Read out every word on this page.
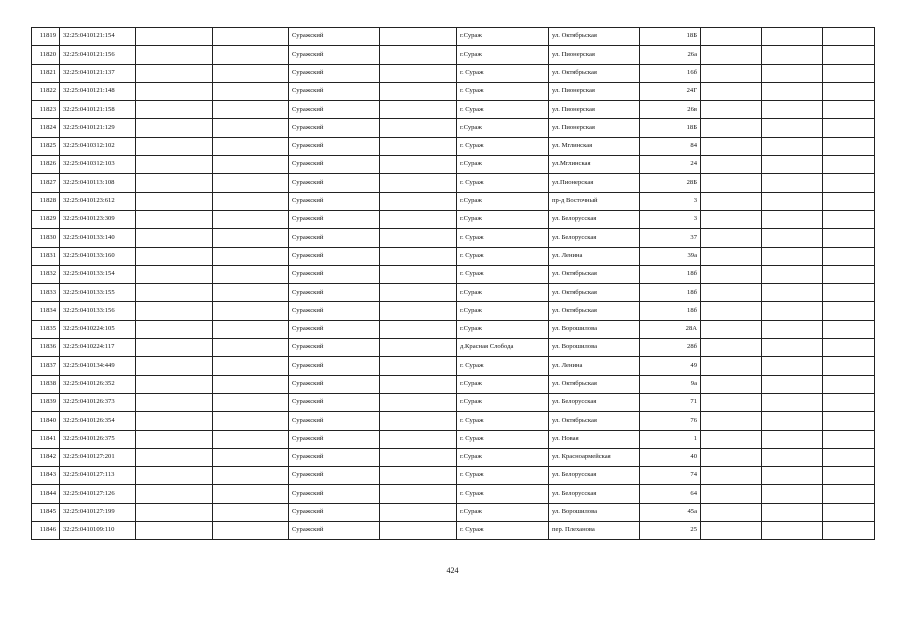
11819	32:25:0410121:154			Суражский		г.Сураж	ул. Октябрьская	18Б			
11820	32:25:0410121:156			Суражский		г.Сураж	ул. Пионерская	26а			
11821	32:25:0410121:137			Суражский		г. Сураж	ул. Октябрьская	16б			
11822	32:25:0410121:148			Суражский		г. Сураж	ул. Пионерская	24Г			
11823	32:25:0410121:158			Суражский		г. Сураж	ул. Пионерская	26в			
11824	32:25:0410121:129			Суражский		г.Сураж	ул. Пионерская	18Б			
11825	32:25:0410312:102			Суражский		г. Сураж	ул. Мглинская	84			
11826	32:25:0410312:103			Суражский		г.Сураж	ул.Мглинская	24			
11827	32:25:0410113:108			Суражский		г. Сураж	ул.Пионерская	28Б			
11828	32:25:0410123:612			Суражский		г.Сураж	пр-д Восточный	3			
11829	32:25:0410123:309			Суражский		г.Сураж	ул. Белорусская	3			
11830	32:25:0410133:140			Суражский		г. Сураж	ул. Белорусская	37			
11831	32:25:0410133:160			Суражский		г. Сураж	ул. Ленина	39а			
11832	32:25:0410133:154			Суражский		г. Сураж	ул. Октябрьская	18б			
11833	32:25:0410133:155			Суражский		г.Сураж	ул. Октябрьская	18б			
11834	32:25:0410133:156			Суражский		г.Сураж	ул. Октябрьская	18б			
11835	32:25:0410224:105			Суражский		г.Сураж	ул. Ворошилова	28А			
11836	32:25:0410224:117			Суражский		д.Красная Слобода	ул. Ворошилова	28б			
11837	32:25:0410134:449			Суражский		г. Сураж	ул. Ленина	49			
11838	32:25:0410126:352			Суражский		г.Сураж	ул. Октябрьская	9а			
11839	32:25:0410126:373			Суражский		г.Сураж	ул. Белорусская	71			
11840	32:25:0410126:354			Суражский		г. Сураж	ул. Октябрьская	76			
11841	32:25:0410126:375			Суражский		г. Сураж	ул. Новая	1			
11842	32:25:0410127:201			Суражский		г.Сураж	ул. Красноармейская	40			
11843	32:25:0410127:113			Суражский		г. Сураж	ул. Белорусская	74			
11844	32:25:0410127:126			Суражский		г. Сураж	ул. Белорусская	64			
11845	32:25:0410127:199			Суражский		г.Сураж	ул. Ворошилова	45а			
11846	32:25:0410109:110			Суражский		г. Сураж	пер. Плеханова	25			
424
